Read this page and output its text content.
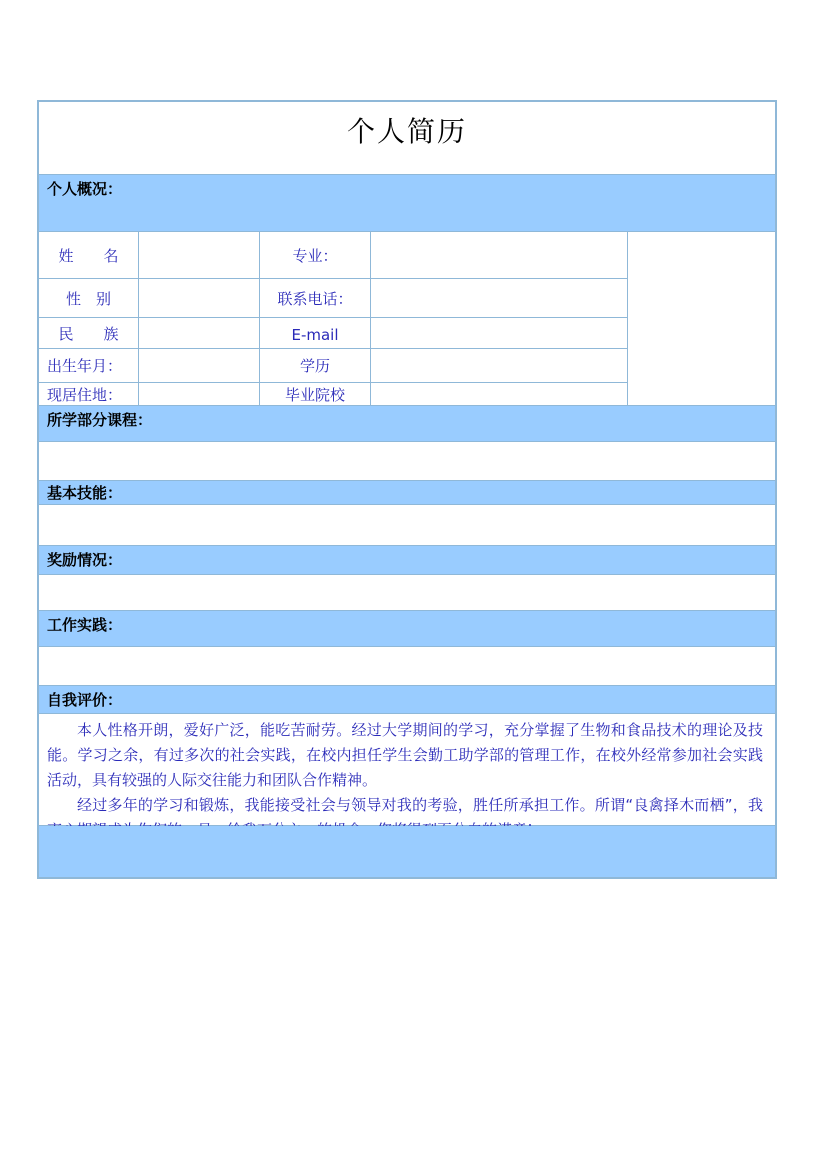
个人简历
个人概况：
姓　　名	专业：
性　别	联系电话：
民　　族	E-mail
出生年月：	学历
现居住地：	毕业院校
所学部分课程：
基本技能：
奖励情况：
工作实践：
自我评价：

本人性格开朗，爱好广泛，能吃苦耐劳。经过大学期间的学习，充分掌握了生物和食品技术的理论及技能。学习之余，有过多次的社会实践，在校内担任学生会勤工助学部的管理工作，在校外经常参加社会实践活动，具有较强的人际交往能力和团队合作精神。

经过多年的学习和锻炼，我能接受社会与领导对我的考验，胜任所承担工作。所谓“良禽择木而栖”，我
